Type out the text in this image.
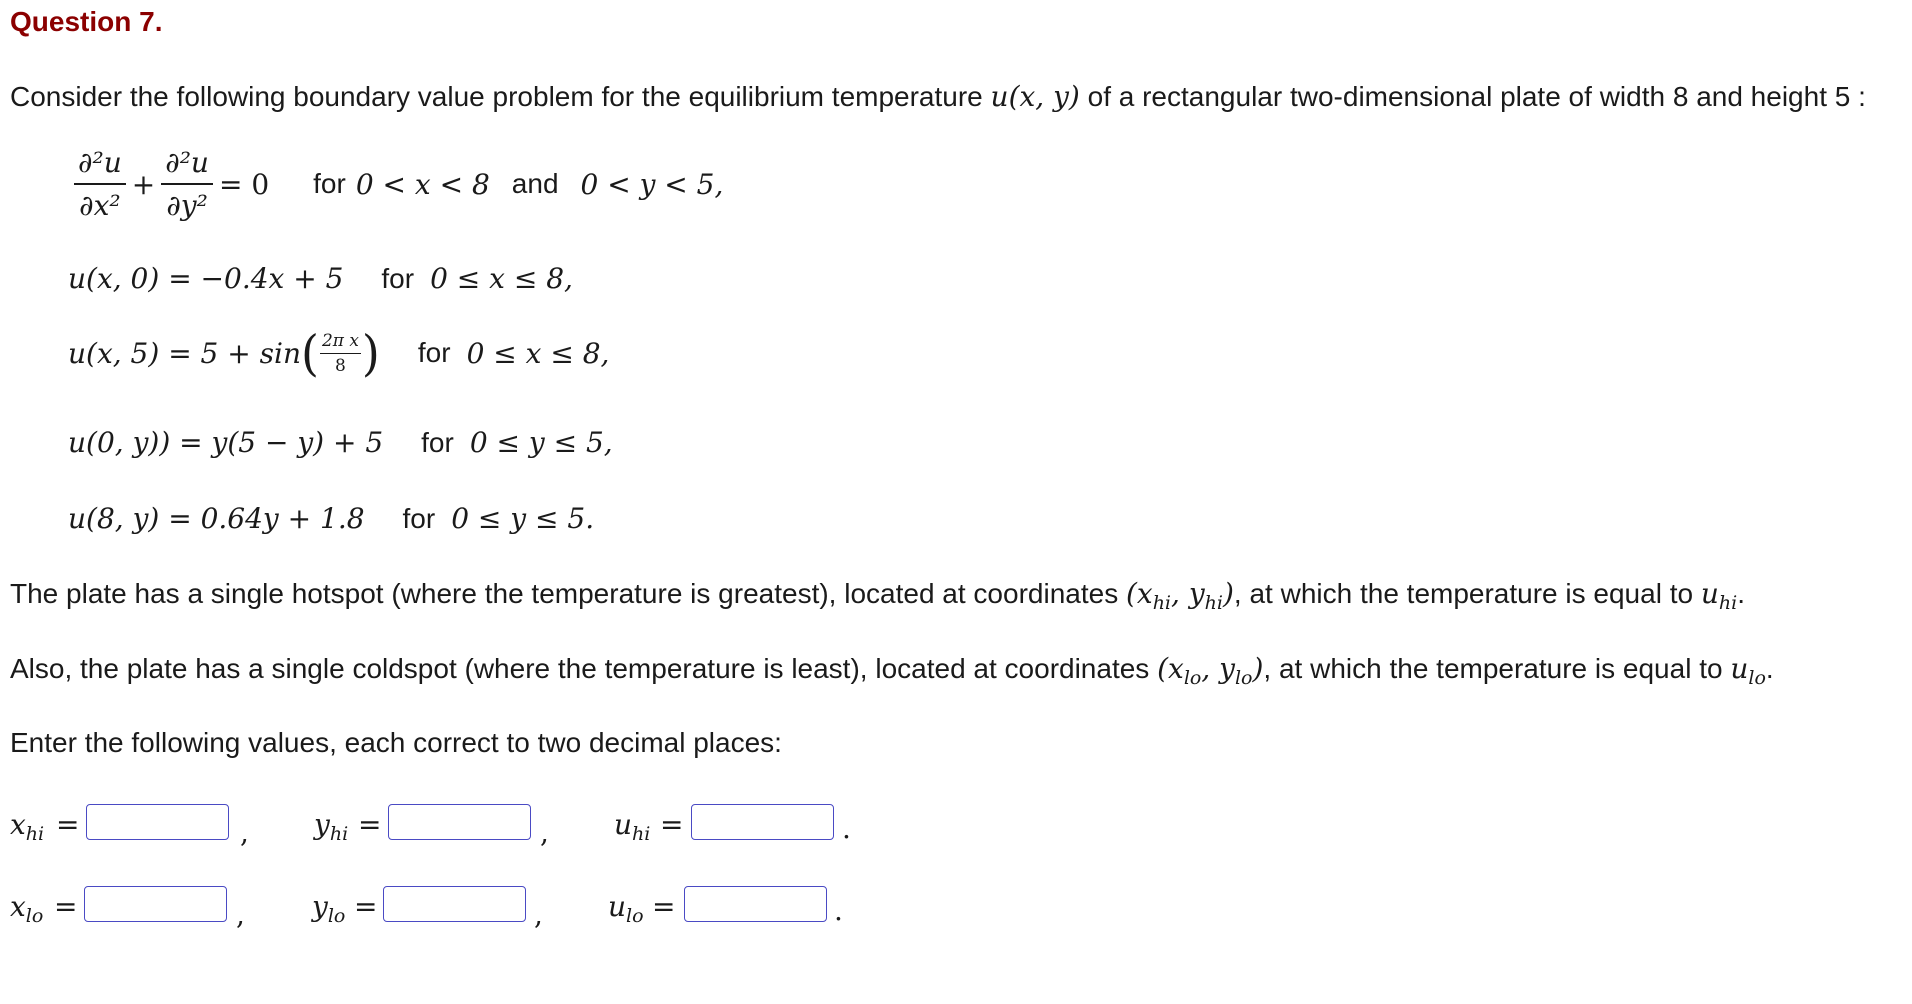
Question 7.
Consider the following boundary value problem for the equilibrium temperature u(x, y) of a rectangular two-dimensional plate of width 8 and height 5 :
$\frac{\text{∂²u}}{\text{∂x²}} + \frac{\text{∂²u}}{\text{∂y²}} = 0$ for 0 < x < 8 and 0 < y < 5,
u(x, 0) = −0.4x + 5 for 0 ≤ x ≤ 8,
u(x, 5) = 5 + sin ( $\frac{\text{2π x}}{8}$ ) for 0 ≤ x ≤ 8,
u(0, y)) = y(5 − y) + 5 for 0 ≤ y ≤ 5,
u(8, y) = 0.64y + 1.8 for 0 ≤ y ≤ 5.
The plate has a single hotspot (where the temperature is greatest), located at coordinates ($x_{hi}$, $y_{hi}$), at which the temperature is equal to $u_{hi}$.
Also, the plate has a single coldspot (where the temperature is least), located at coordinates ($x_{lo}$, $y_{lo}$), at which the temperature is equal to $u_{lo}$.
Enter the following values, each correct to two decimal places:
$x_{hi}$ =	, $y_{hi}$ =	, $u_{hi}$ =	.
$x_{lo}$ =	, $y_{lo}$ =	, $u_{lo}$ =	.
